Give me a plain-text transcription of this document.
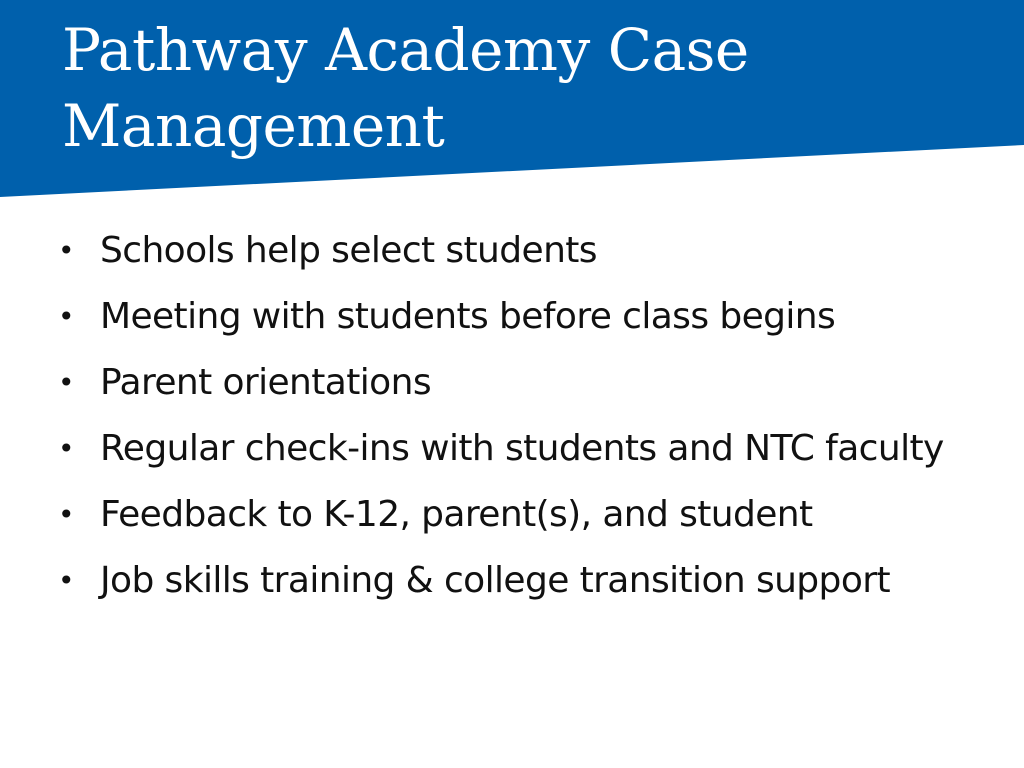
Pathway Academy Case Management
• Schools help select students
• Meeting with students before class begins
• Parent orientations
• Regular check-ins with students and NTC faculty
• Feedback to K-12, parent(s), and student
• Job skills training & college transition support
